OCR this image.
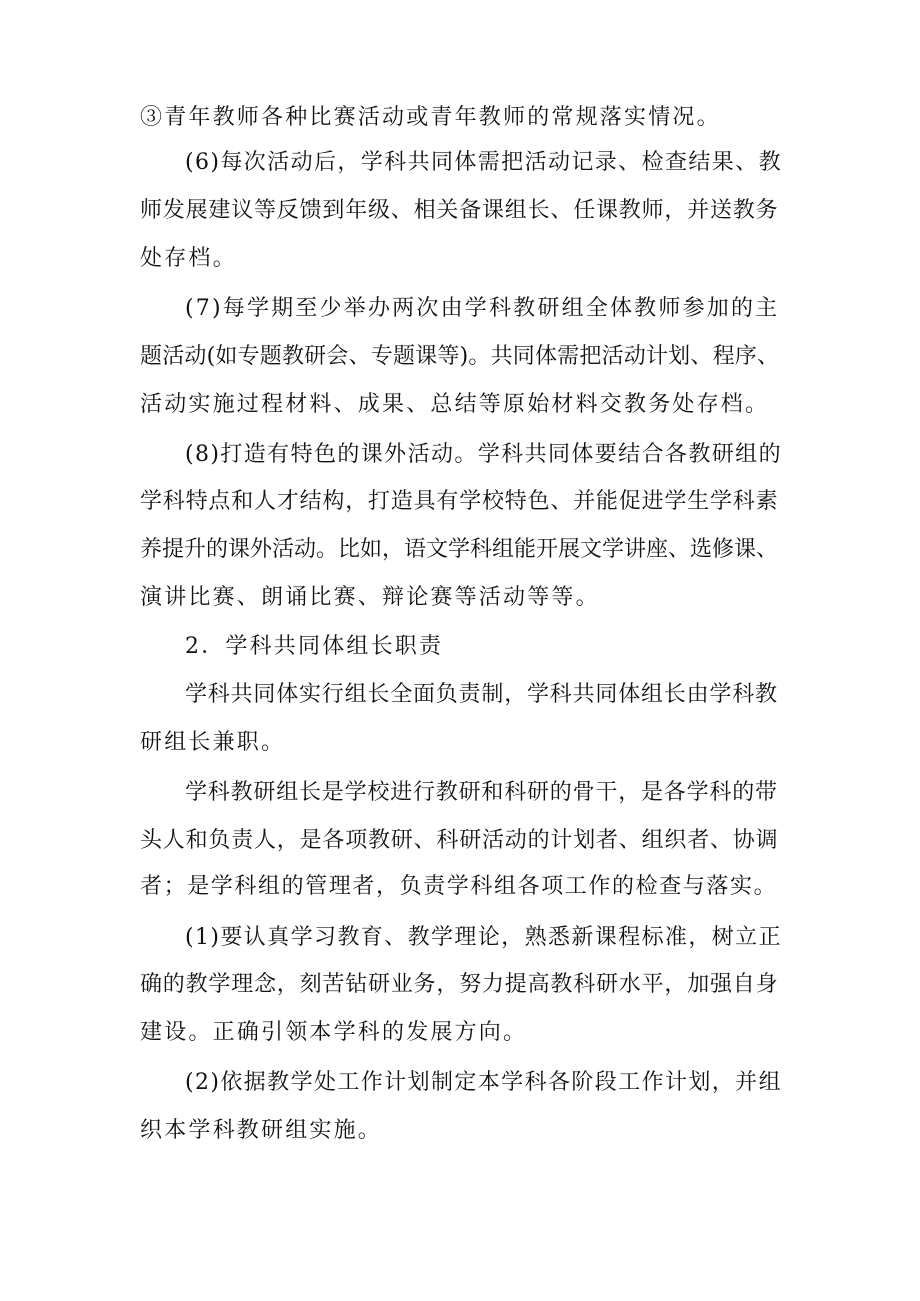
③青年教师各种比赛活动或青年教师的常规落实情况。
(6)每次活动后，学科共同体需把活动记录、检查结果、教
师发展建议等反馈到年级、相关备课组长、任课教师，并送教务
处存档。
(7)每学期至少举办两次由学科教研组全体教师参加的主
题活动(如专题教研会、专题课等)。共同体需把活动计划、程序、
活动实施过程材料、成果、总结等原始材料交教务处存档。
(8)打造有特色的课外活动。学科共同体要结合各教研组的
学科特点和人才结构，打造具有学校特色、并能促进学生学科素
养提升的课外活动。比如，语文学科组能开展文学讲座、选修课、
演讲比赛、朗诵比赛、辩论赛等活动等等。
2．学科共同体组长职责
学科共同体实行组长全面负责制，学科共同体组长由学科教
研组长兼职。
学科教研组长是学校进行教研和科研的骨干，是各学科的带
头人和负责人，是各项教研、科研活动的计划者、组织者、协调
者；是学科组的管理者，负责学科组各项工作的检查与落实。
(1)要认真学习教育、教学理论，熟悉新课程标准，树立正
确的教学理念，刻苦钻研业务，努力提高教科研水平，加强自身
建设。正确引领本学科的发展方向。
(2)依据教学处工作计划制定本学科各阶段工作计划，并组
织本学科教研组实施。
